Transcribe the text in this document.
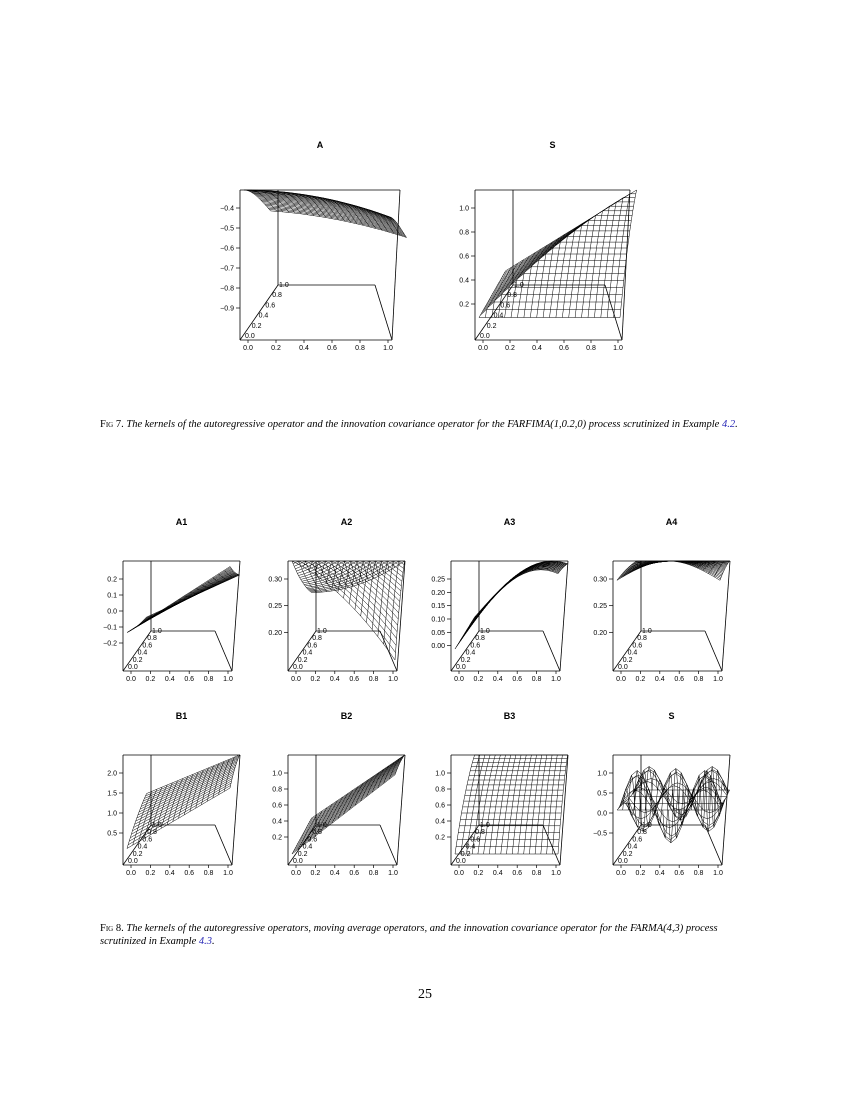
A
−0.4
−0.5
−0.6
−0.7
−0.8
−0.9
0.0	0.2	0.4	0.6	0.8	1.0
0.0
0.2
0.4
0.6
0.8
1.0
S
1.0
0.8
0.6
0.4
0.2
0.0 0.2 0.4 0.6 0.8 1.0
0.0
0.2
0.4
0.6
0.8
1.0
A1
0.2
0.1
0.0
−0.1
−0.2
0.0 0.2 0.4 0.6 0.8 1.0
0.0
0.2
0.4
0.6
0.8
1.0
A2
0.30
0.25
0.20
0.0 0.2 0.4 0.6 0.8 1.0
0.0
0.2
0.4
0.6
0.8
1.0
A3
0.25
0.20
0.15
0.10
0.05
0.00
0.0 0.2 0.4 0.6 0.8 1.0
0.0
0.2
0.4
0.6
0.8
1.0
A4
0.30
0.25
0.20
0.0 0.2 0.4 0.6 0.8 1.0
0.0
0.2
0.4
0.6
0.8
1.0
B1
2.0
1.5
1.0
0.5
0.0 0.2 0.4 0.6 0.8 1.0
0.0
0.2
0.4
0.6
0.8
1.0
B2
1.0
0.8
0.6
0.4
0.2
0.0 0.2 0.4 0.6 0.8 1.0
0.0
0.2
0.4
0.6
0.8
1.0
B3
1.0
0.8
0.6
0.4
0.2
0.0 0.2 0.4 0.6 0.8 1.0
0.0
0.2
0.4
0.6
0.8
1.0
S
1.0
0.5
0.0
−0.5
0.0 0.2 0.4 0.6 0.8 1.0
0.0
0.2
0.4
0.6
0.8
1.0
Fig 7. The kernels of the autoregressive operator and the innovation covariance operator for the FARFIMA(1,0.2,0) process scrutinized in Example 4.2.
Fig 8. The kernels of the autoregressive operators, moving average operators, and the innovation covariance operator for the FARMA(4,3) process scrutinized in Example 4.3.
25
